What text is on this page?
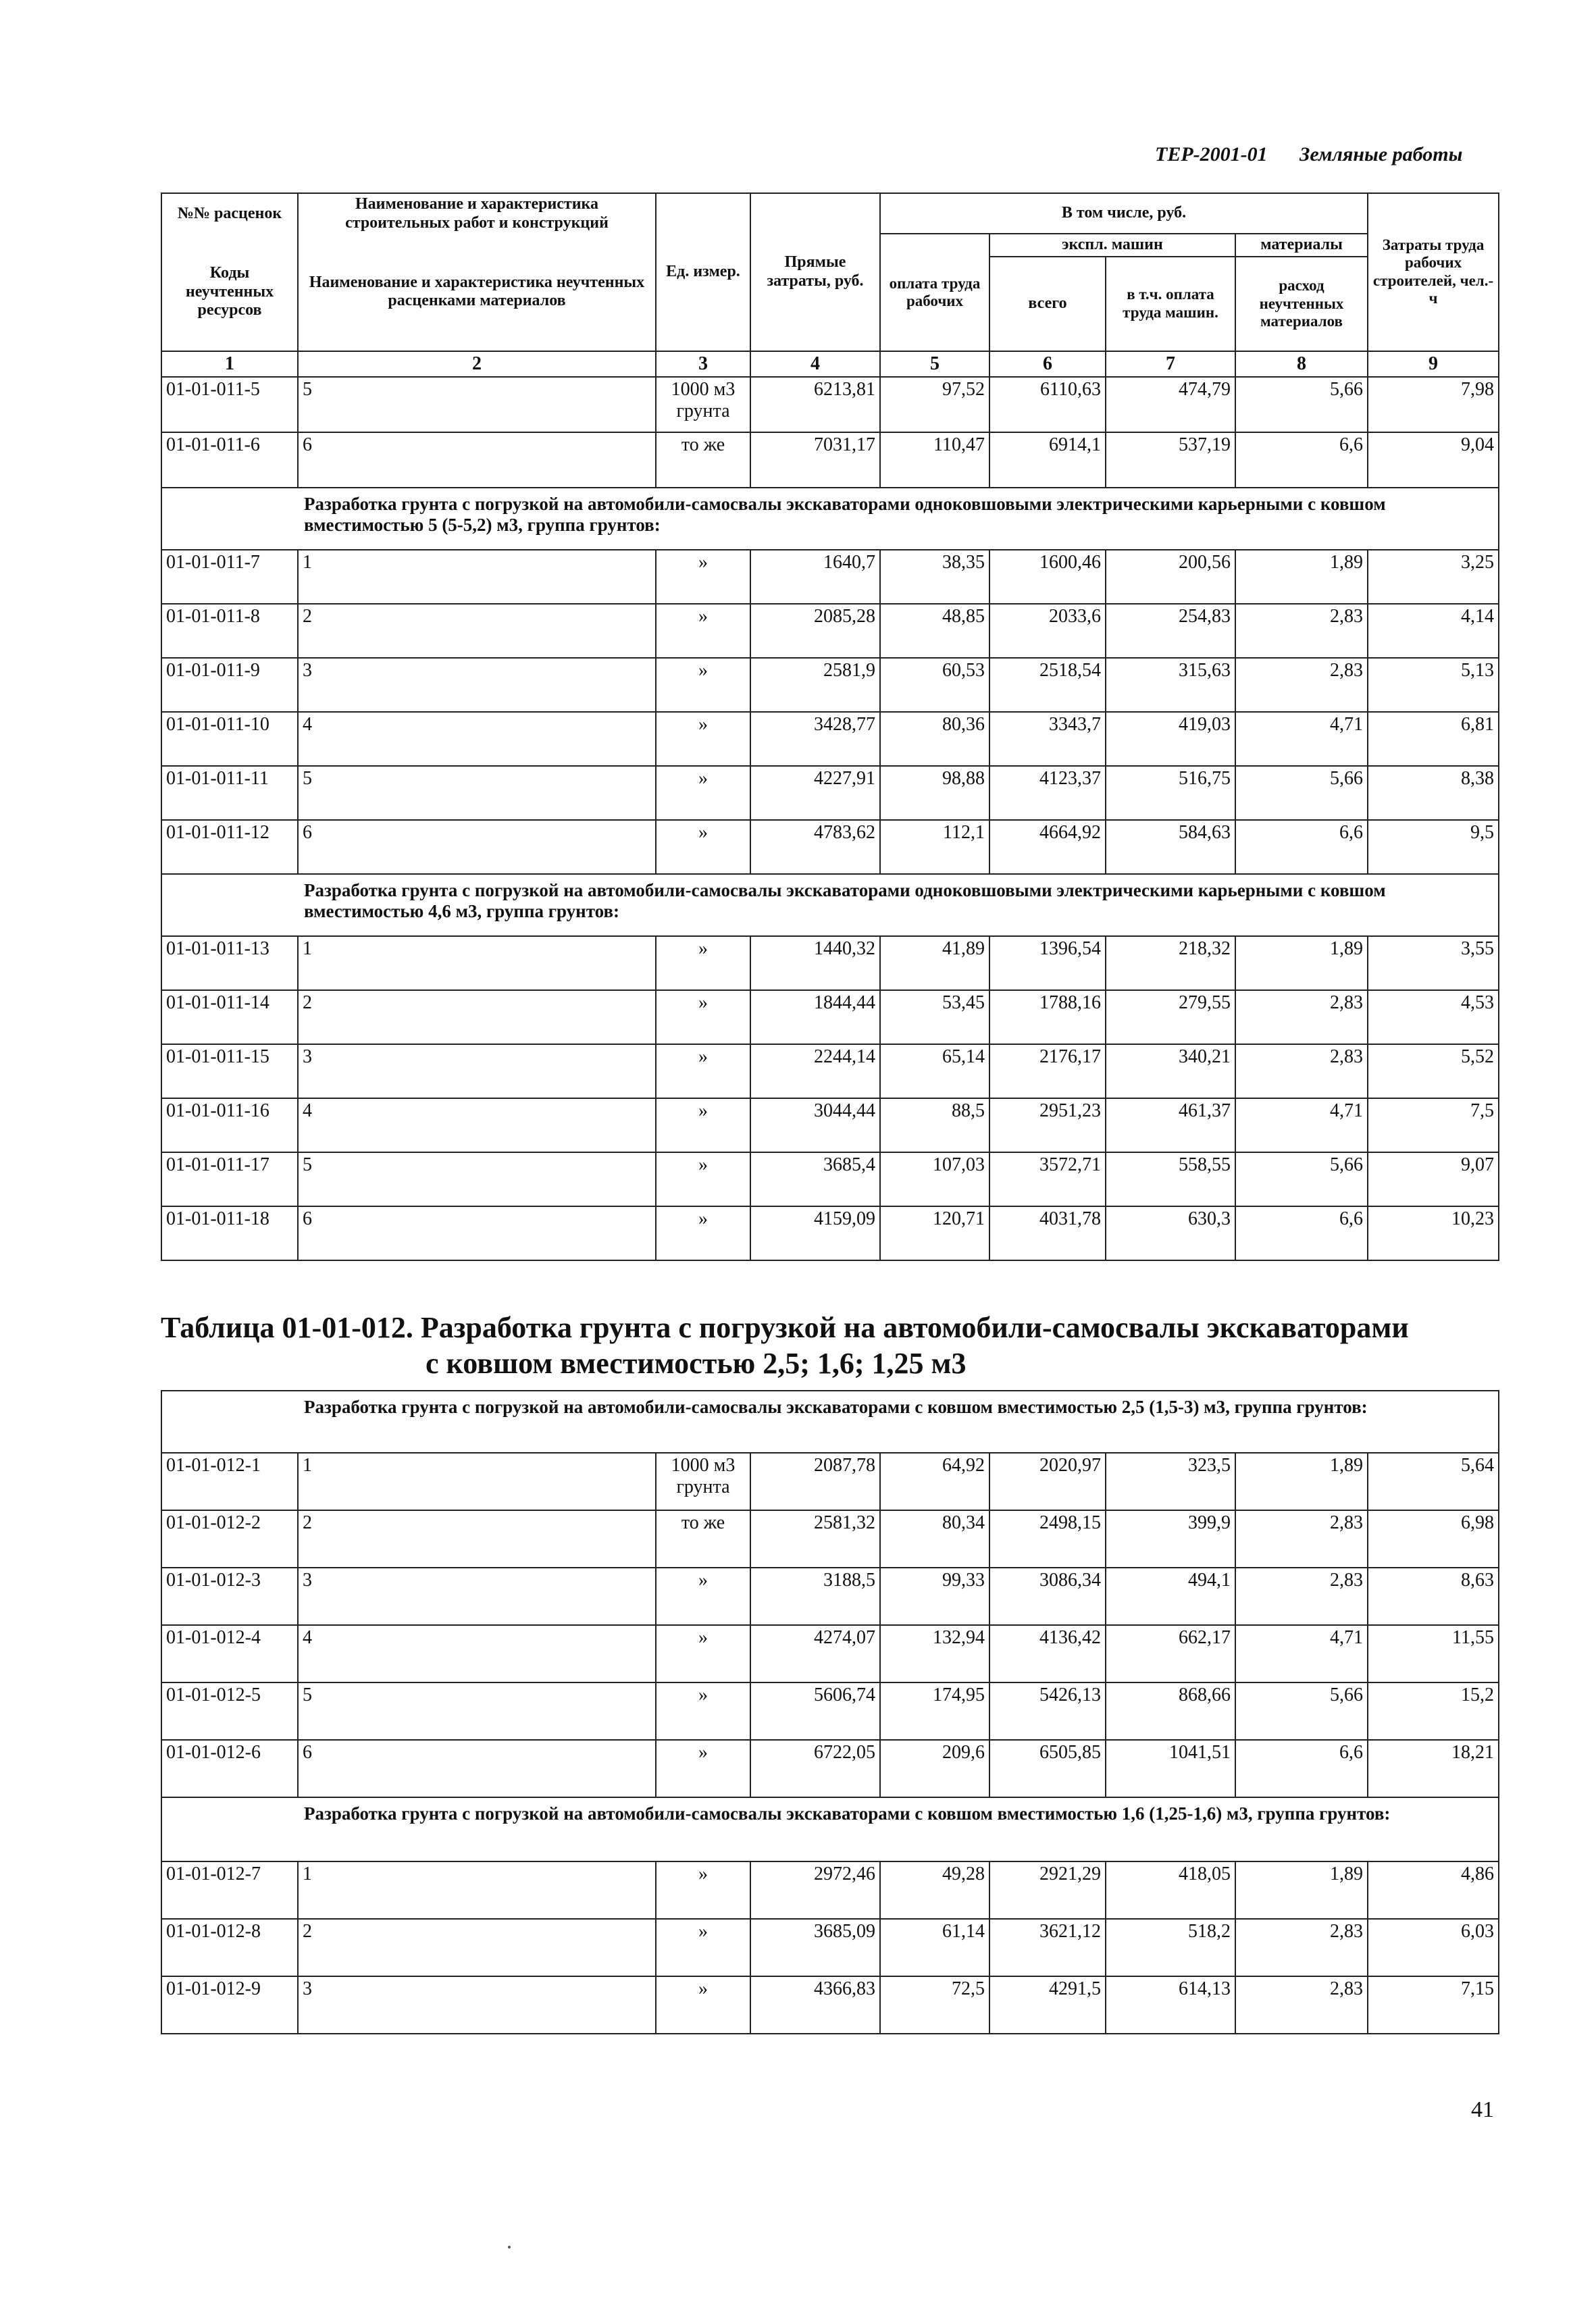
ТЕР-2001-01 Земляные работы
№№ расценок	Наименование и характеристика строительных работ и конструкций	Ед. измер.	Прямые затраты, руб.	В том числе, руб.				Затраты труда рабочих строителей, чел.-ч
Коды неучтенных ресурсов	Наименование и характеристика неучтенных расценками материалов			оплата труда рабочих	экспл. машин		материалы	
					всего	в т.ч. оплата труда машин.	расход неучтенных материалов	
1	2	3	4	5	6	7	8	9
01-01-011-5	5	1000 м3 грунта	6213,81	97,52	6110,63	474,79	5,66	7,98
01-01-011-6	6	то же	7031,17	110,47	6914,1	537,19	6,6	9,04
Разработка грунта с погрузкой на автомобили-самосвалы экскаваторами одноковшовыми электрическими карьерными с ковшом вместимостью 5 (5-5,2) м3, группа грунтов:								
01-01-011-7	1	»	1640,7	38,35	1600,46	200,56	1,89	3,25
01-01-011-8	2	»	2085,28	48,85	2033,6	254,83	2,83	4,14
01-01-011-9	3	»	2581,9	60,53	2518,54	315,63	2,83	5,13
01-01-011-10	4	»	3428,77	80,36	3343,7	419,03	4,71	6,81
01-01-011-11	5	»	4227,91	98,88	4123,37	516,75	5,66	8,38
01-01-011-12	6	»	4783,62	112,1	4664,92	584,63	6,6	9,5
Разработка грунта с погрузкой на автомобили-самосвалы экскаваторами одноковшовыми электрическими карьерными с ковшом вместимостью 4,6 м3, группа грунтов:								
01-01-011-13	1	»	1440,32	41,89	1396,54	218,32	1,89	3,55
01-01-011-14	2	»	1844,44	53,45	1788,16	279,55	2,83	4,53
01-01-011-15	3	»	2244,14	65,14	2176,17	340,21	2,83	5,52
01-01-011-16	4	»	3044,44	88,5	2951,23	461,37	4,71	7,5
01-01-011-17	5	»	3685,4	107,03	3572,71	558,55	5,66	9,07
01-01-011-18	6	»	4159,09	120,71	4031,78	630,3	6,6	10,23
Таблица 01-01-012. Разработка грунта с погрузкой на автомобили-самосвалы экскаваторами
с ковшом вместимостью 2,5; 1,6; 1,25 м3
Разработка грунта с погрузкой на автомобили-самосвалы экскаваторами с ковшом вместимостью 2,5 (1,5-3) м3, группа грунтов:								
01-01-012-1	1	1000 м3 грунта	2087,78	64,92	2020,97	323,5	1,89	5,64
01-01-012-2	2	то же	2581,32	80,34	2498,15	399,9	2,83	6,98
01-01-012-3	3	»	3188,5	99,33	3086,34	494,1	2,83	8,63
01-01-012-4	4	»	4274,07	132,94	4136,42	662,17	4,71	11,55
01-01-012-5	5	»	5606,74	174,95	5426,13	868,66	5,66	15,2
01-01-012-6	6	»	6722,05	209,6	6505,85	1041,51	6,6	18,21
Разработка грунта с погрузкой на автомобили-самосвалы экскаваторами с ковшом вместимостью 1,6 (1,25-1,6) м3, группа грунтов:								
01-01-012-7	1	»	2972,46	49,28	2921,29	418,05	1,89	4,86
01-01-012-8	2	»	3685,09	61,14	3621,12	518,2	2,83	6,03
01-01-012-9	3	»	4366,83	72,5	4291,5	614,13	2,83	7,15
41
